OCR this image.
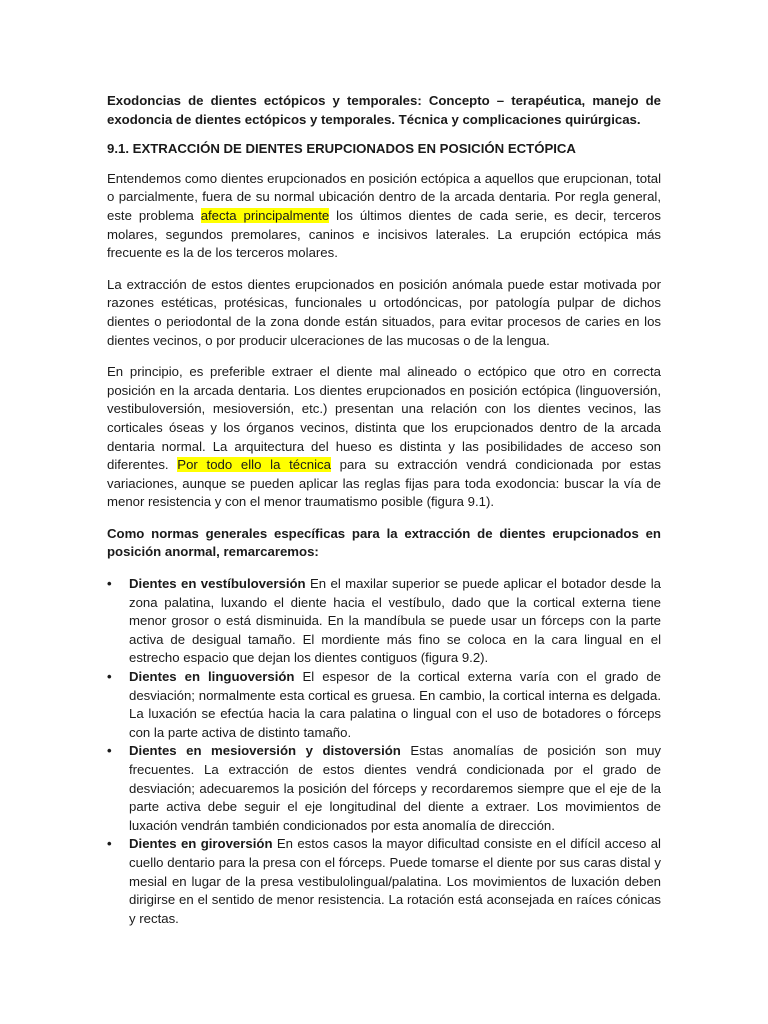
Exodoncias de dientes ectópicos y temporales: Concepto – terapéutica, manejo de exodoncia de dientes ectópicos y temporales. Técnica y complicaciones quirúrgicas.

9.1. EXTRACCIÓN DE DIENTES ERUPCIONADOS EN POSICIÓN ECTÓPICA

Entendemos como dientes erupcionados en posición ectópica a aquellos que erupcionan, total o parcialmente, fuera de su normal ubicación dentro de la arcada dentaria. Por regla general, este problema afecta principalmente los últimos dientes de cada serie, es decir, terceros molares, segundos premolares, caninos e incisivos laterales. La erupción ectópica más frecuente es la de los terceros molares.

La extracción de estos dientes erupcionados en posición anómala puede estar motivada por razones estéticas, protésicas, funcionales u ortodóncicas, por patología pulpar de dichos dientes o periodontal de la zona donde están situados, para evitar procesos de caries en los dientes vecinos, o por producir ulceraciones de las mucosas o de la lengua.

En principio, es preferible extraer el diente mal alineado o ectópico que otro en correcta posición en la arcada dentaria. Los dientes erupcionados en posición ectópica (linguoversión, vestibuloversión, mesioversión, etc.) presentan una relación con los dientes vecinos, las corticales óseas y los órganos vecinos, distinta que los erupcionados dentro de la arcada dentaria normal. La arquitectura del hueso es distinta y las posibilidades de acceso son diferentes. Por todo ello la técnica para su extracción vendrá condicionada por estas variaciones, aunque se pueden aplicar las reglas fijas para toda exodoncia: buscar la vía de menor resistencia y con el menor traumatismo posible (figura 9.1).

Como normas generales específicas para la extracción de dientes erupcionados en posición anormal, remarcaremos:

• Dientes en vestíbuloversión En el maxilar superior se puede aplicar el botador desde la zona palatina, luxando el diente hacia el vestíbulo, dado que la cortical externa tiene menor grosor o está disminuida. En la mandíbula se puede usar un fórceps con la parte activa de desigual tamaño. El mordiente más fino se coloca en la cara lingual en el estrecho espacio que dejan los dientes contiguos (figura 9.2).
• Dientes en linguoversión El espesor de la cortical externa varía con el grado de desviación; normalmente esta cortical es gruesa. En cambio, la cortical interna es delgada. La luxación se efectúa hacia la cara palatina o lingual con el uso de botadores o fórceps con la parte activa de distinto tamaño.
• Dientes en mesioversión y distoversión Estas anomalías de posición son muy frecuentes. La extracción de estos dientes vendrá condicionada por el grado de desviación; adecuaremos la posición del fórceps y recordaremos siempre que el eje de la parte activa debe seguir el eje longitudinal del diente a extraer. Los movimientos de luxación vendrán también condicionados por esta anomalía de dirección.
• Dientes en giroversión En estos casos la mayor dificultad consiste en el difícil acceso al cuello dentario para la presa con el fórceps. Puede tomarse el diente por sus caras distal y mesial en lugar de la presa vestibulolingual/palatina. Los movimientos de luxación deben dirigirse en el sentido de menor resistencia. La rotación está aconsejada en raíces cónicas y rectas.
